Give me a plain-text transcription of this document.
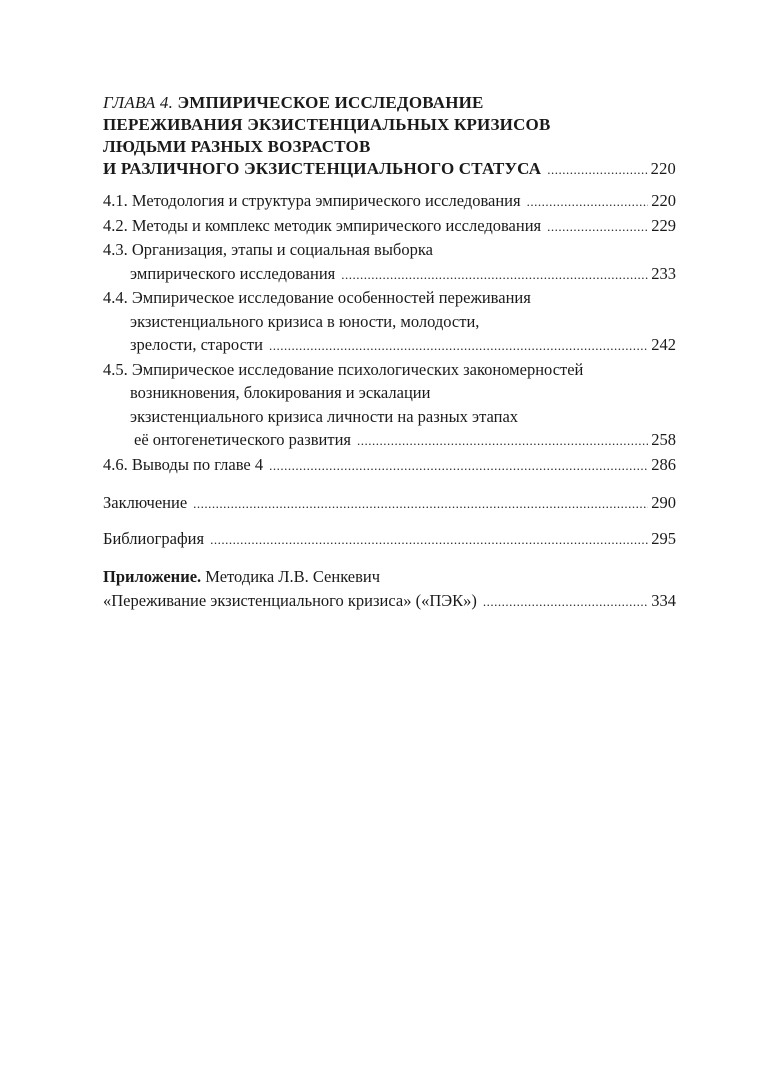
ГЛАВА 4. ЭМПИРИЧЕСКОЕ ИССЛЕДОВАНИЕ
ПЕРЕЖИВАНИЯ ЭКЗИСТЕНЦИАЛЬНЫХ КРИЗИСОВ
ЛЮДЬМИ РАЗНЫХ ВОЗРАСТОВ
И РАЗЛИЧНОГО ЭКЗИСТЕНЦИАЛЬНОГО СТАТУСА .....	220
4.1. Методология и структура эмпирического исследования .....	220
4.2. Методы и комплекс методик эмпирического исследования .....	229
4.3. Организация, этапы и социальная выборка
эмпирического исследования .....	233
4.4. Эмпирическое исследование особенностей переживания
экзистенциального кризиса в юности, молодости,
зрелости, старости .....	242
4.5. Эмпирическое исследование психологических закономерностей
возникновения, блокирования и эскалации
экзистенциального кризиса личности на разных этапах
её онтогенетического развития .....	258
4.6. Выводы по главе 4 .....	286
Заключение .....	290
Библиография .....	295
Приложение. Методика Л.В. Сенкевич
«Переживание экзистенциального кризиса» («ПЭК») .....	334
